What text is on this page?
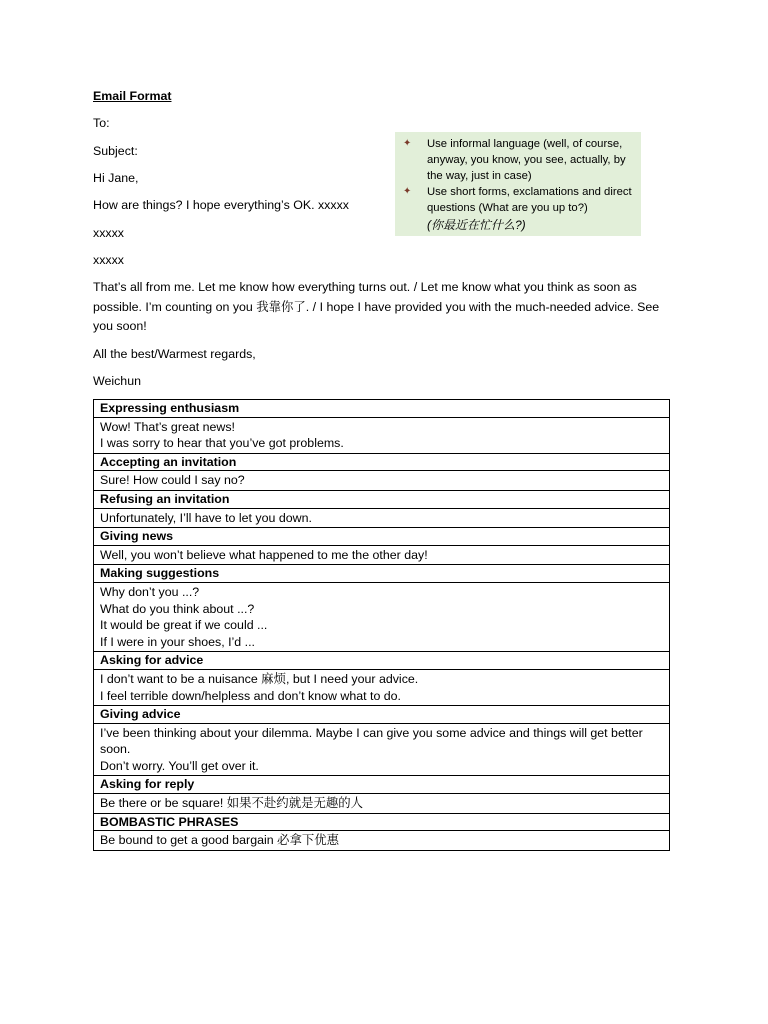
Email Format
To:
Subject:
Hi Jane,
How are things? I hope everything’s OK. xxxxx
xxxxx
xxxxx
That’s all from me. Let me know how everything turns out. / Let me know what you think as soon as possible. I’m counting on you 我靠你了. / I hope I have provided you with the much-needed advice. See you soon!
All the best/Warmest regards,
Weichun
✦	Use informal language (well, of course, anyway, you know, you see, actually, by the way, just in case)
✦	Use short forms, exclamations and direct questions (What are you up to?)
(你最近在忙什么?)
Expressing enthusiasm

Wow! That’s great news!
I was sorry to hear that you’ve got problems.

Accepting an invitation

Sure! How could I say no?

Refusing an invitation

Unfortunately, I’ll have to let you down.

Giving news

Well, you won’t believe what happened to me the other day!

Making suggestions

Why don’t you ...?
What do you think about ...?
It would be great if we could ...
If I were in your shoes, I’d ...

Asking for advice

I don’t want to be a nuisance 麻烦, but I need your advice.
I feel terrible down/helpless and don’t know what to do.

Giving advice

I’ve been thinking about your dilemma. Maybe I can give you some advice and things will get better soon.
Don’t worry. You’ll get over it.

Asking for reply

Be there or be square! 如果不赴约就是无趣的人

BOMBASTIC PHRASES

Be bound to get a good bargain 必拿下优惠
